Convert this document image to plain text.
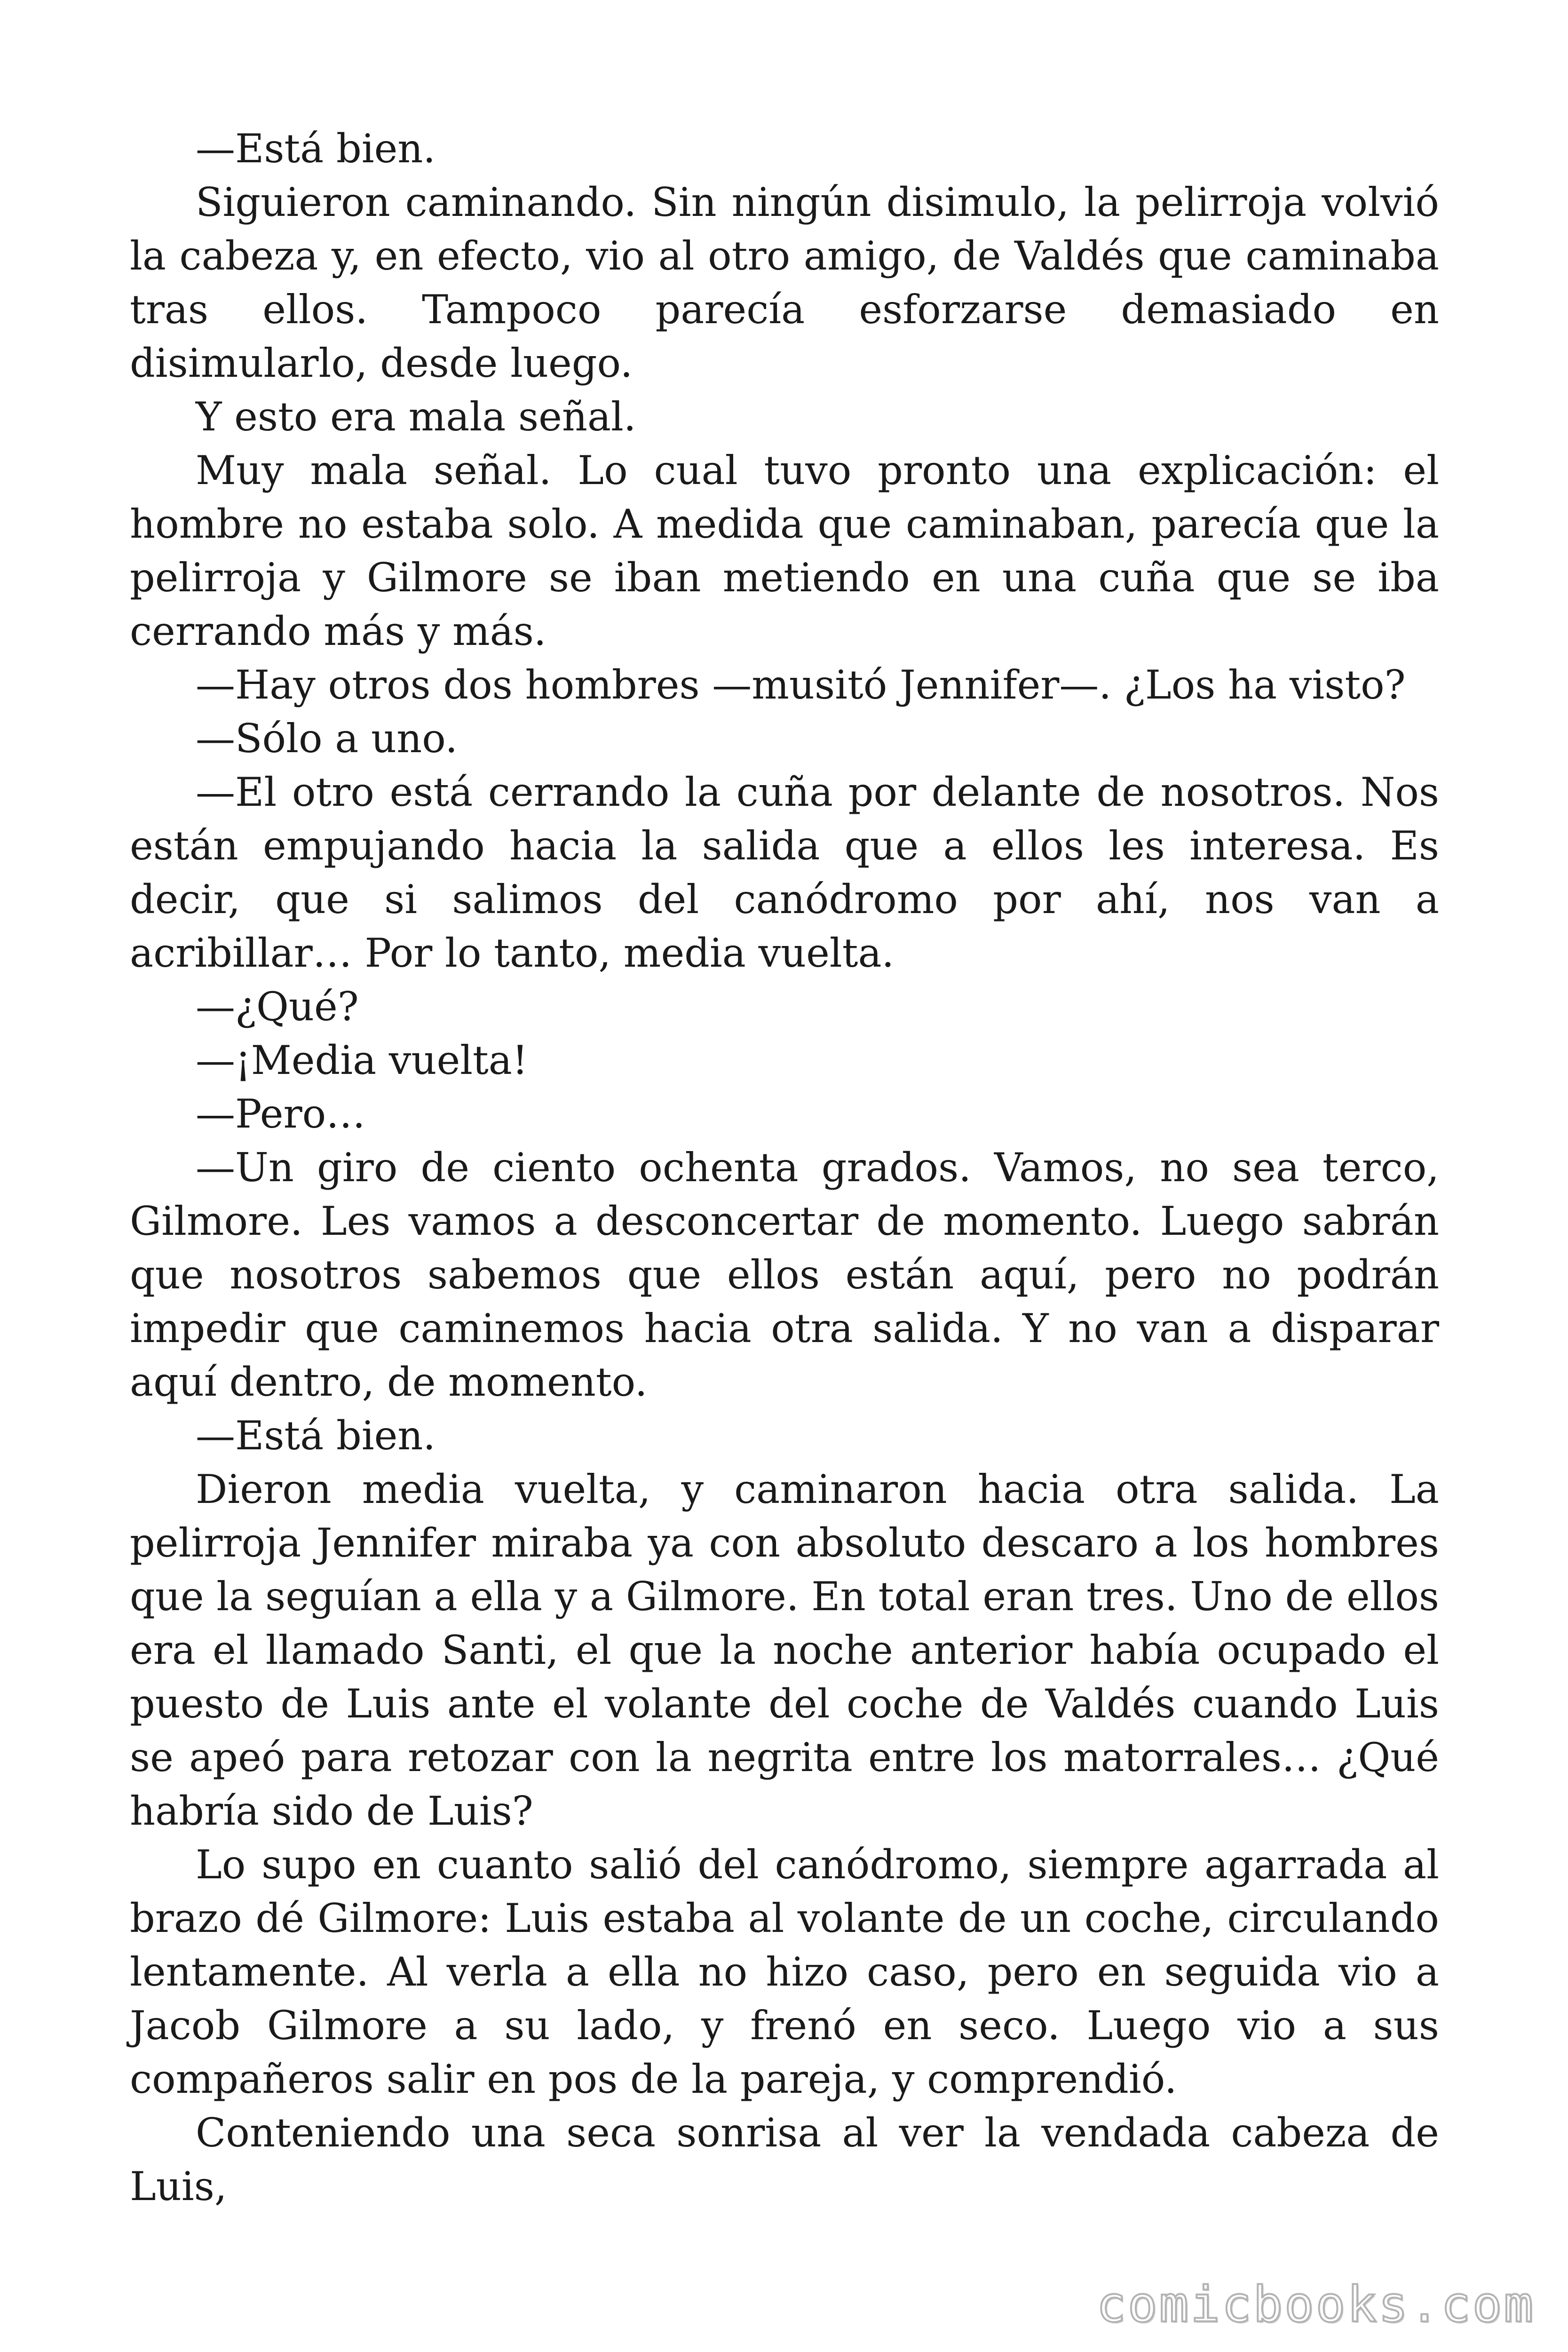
—Está bien.

Siguieron caminando. Sin ningún disimulo, la pelirroja volvió la cabeza y, en efecto, vio al otro amigo, de Valdés que caminaba tras ellos. Tampoco parecía esforzarse demasiado en disimularlo, desde luego.

Y esto era mala señal.

Muy mala señal. Lo cual tuvo pronto una explicación: el hombre no estaba solo. A medida que caminaban, parecía que la pelirroja y Gilmore se iban metiendo en una cuña que se iba cerrando más y más.

—Hay otros dos hombres —musitó Jennifer—. ¿Los ha visto?

—Sólo a uno.

—El otro está cerrando la cuña por delante de nosotros. Nos están empujando hacia la salida que a ellos les interesa. Es decir, que si salimos del canódromo por ahí, nos van a acribillar… Por lo tanto, media vuelta.

—¿Qué?

—¡Media vuelta!

—Pero…

—Un giro de ciento ochenta grados. Vamos, no sea terco, Gilmore. Les vamos a desconcertar de momento. Luego sabrán que nosotros sabemos que ellos están aquí, pero no podrán impedir que caminemos hacia otra salida. Y no van a disparar aquí dentro, de momento.

—Está bien.

Dieron media vuelta, y caminaron hacia otra salida. La pelirroja Jennifer miraba ya con absoluto descaro a los hombres que la seguían a ella y a Gilmore. En total eran tres. Uno de ellos era el llamado Santi, el que la noche anterior había ocupado el puesto de Luis ante el volante del coche de Valdés cuando Luis se apeó para retozar con la negrita entre los matorrales… ¿Qué habría sido de Luis?

Lo supo en cuanto salió del canódromo, siempre agarrada al brazo dé Gilmore: Luis estaba al volante de un coche, circulando lentamente. Al verla a ella no hizo caso, pero en seguida vio a Jacob Gilmore a su lado, y frenó en seco. Luego vio a sus compañeros salir en pos de la pareja, y comprendió.

Conteniendo una seca sonrisa al ver la vendada cabeza de Luis,

comicbooks.com
